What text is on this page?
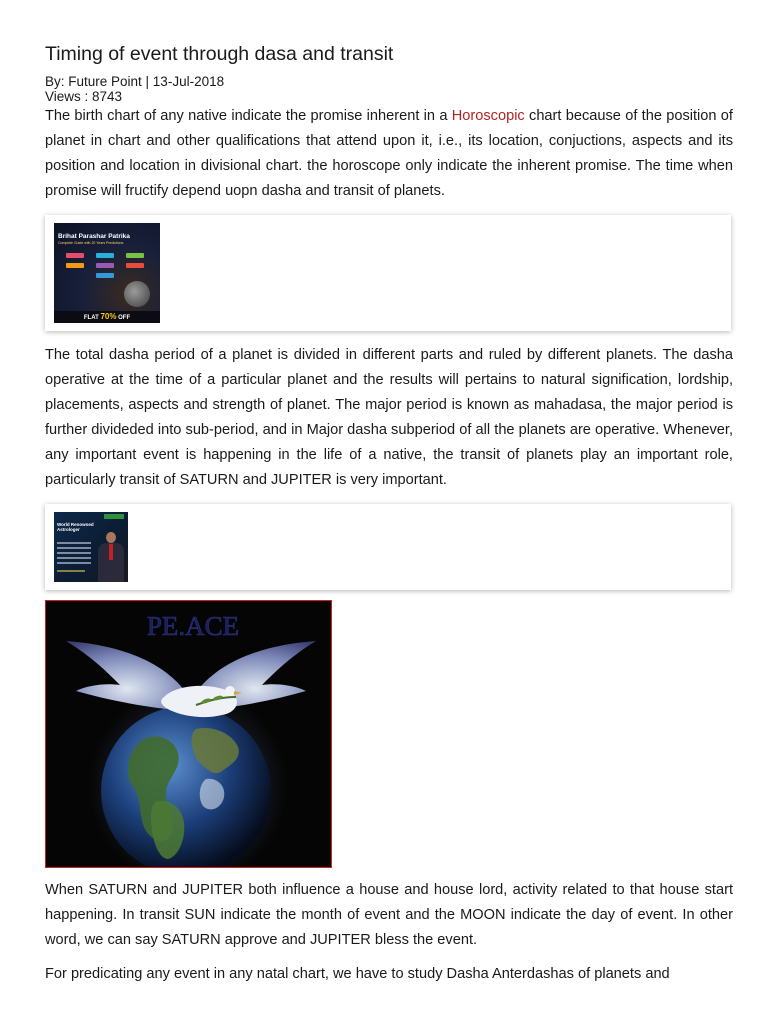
Timing of event through dasa and transit
By: Future Point | 13-Jul-2018
Views : 8743

The birth chart of any native indicate the promise inherent in a Horoscopic chart because of the position of planet in chart and other qualifications that attend upon it, i.e., its location, conjuctions, aspects and its position and location in divisional chart. the horoscope only indicate the inherent promise. The time when promise will fructify depend uopn dasha and transit of planets.

Brihat Parashar Patrika
Complete Guide with 20 Years Predictions
FLAT 70% OFF

The total dasha period of a planet is divided in different parts and ruled by different planets. The dasha operative at the time of a particular planet and the results will pertains to natural signification, lordship, placements, aspects and strength of planet. The major period is known as mahadasa, the major period is further divideded into sub-period, and in Major dasha subperiod of all the planets are operative. Whenever, any important event is happening in the life of a native, the transit of planets play an important role, particularly transit of SATURN and JUPITER is very important.

World Renowned Astrologer
PE.ACE

When SATURN and JUPITER both influence a house and house lord, activity related to that house start happening. In transit SUN indicate the month of event and the MOON indicate the day of event. In other word, we can say SATURN approve and JUPITER bless the event.

For predicating any event in any natal chart, we have to study Dasha Anterdashas of planets and
